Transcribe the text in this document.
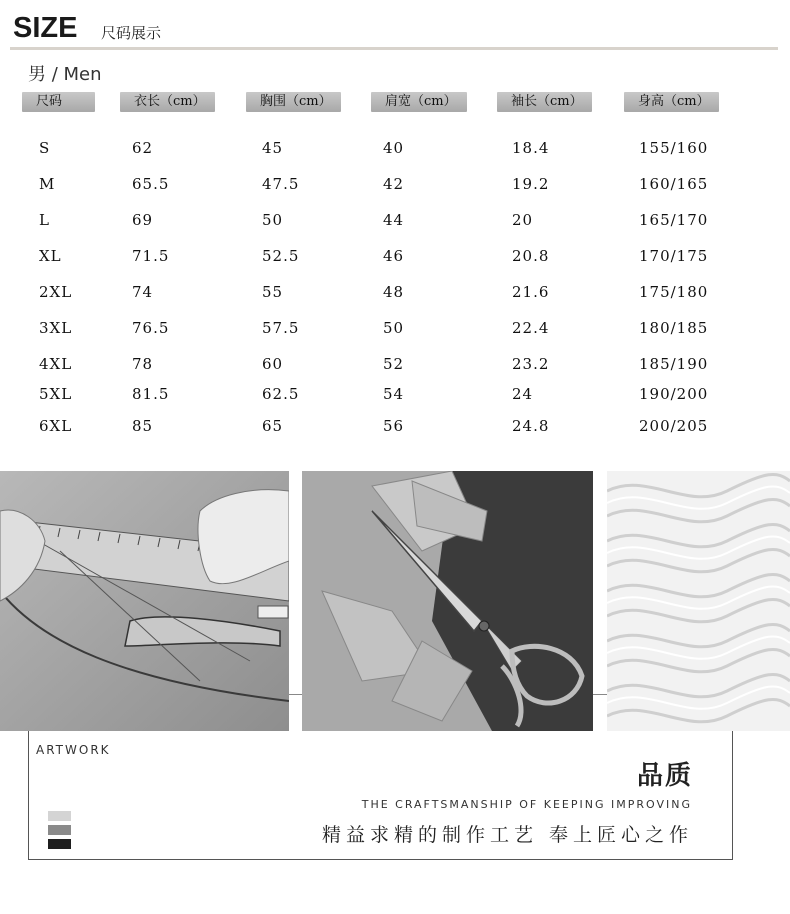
SIZE 尺码展示
男 / Men
尺码	衣长（cm）	胸围（cm）	肩宽（cm）	袖长（cm）	身高（cm）
S	62	45	40	18.4	155/160
M	65.5	47.5	42	19.2	160/165
L	69	50	44	20	165/170
XL	71.5	52.5	46	20.8	170/175
2XL	74	55	48	21.6	175/180
3XL	76.5	57.5	50	22.4	180/185
4XL	78	60	52	23.2	185/190
5XL	81.5	62.5	54	24	190/200
6XL	85	65	56	24.8	200/205
ARTWORK
品质
THE CRAFTSMANSHIP OF KEEPING IMPROVING
精益求精的制作工艺 奉上匠心之作
